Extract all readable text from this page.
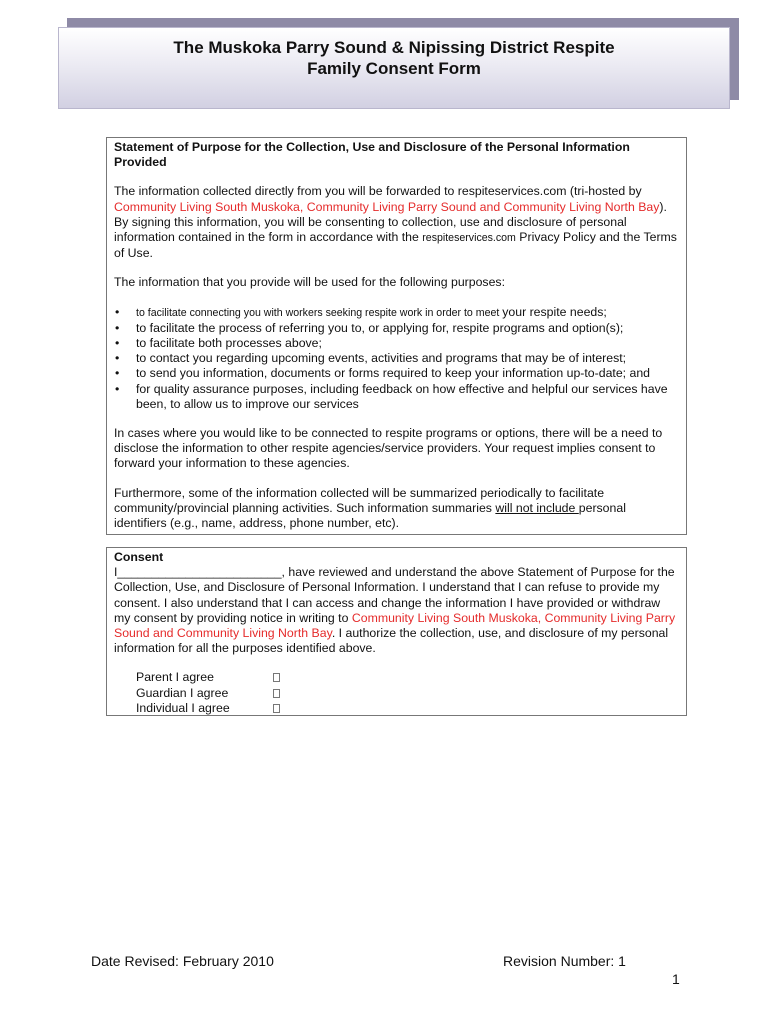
The Muskoka Parry Sound & Nipissing District Respite
Family Consent Form

Statement of Purpose for the Collection, Use and Disclosure of the Personal Information Provided

The information collected directly from you will be forwarded to respiteservices.com (tri-hosted by Community Living South Muskoka, Community Living Parry Sound and Community Living North Bay). By signing this information, you will be consenting to collection, use and disclosure of personal information contained in the form in accordance with the respiteservices.com Privacy Policy and the Terms of Use.

The information that you provide will be used for the following purposes:

• to facilitate connecting you with workers seeking respite work in order to meet your respite needs;
• to facilitate the process of referring you to, or applying for, respite programs and option(s);
• to facilitate both processes above;
• to contact you regarding upcoming events, activities and programs that may be of interest;
• to send you information, documents or forms required to keep your information up-to-date; and
• for quality assurance purposes, including feedback on how effective and helpful our services have been, to allow us to improve our services

In cases where you would like to be connected to respite programs or options, there will be a need to disclose the information to other respite agencies/service providers. Your request implies consent to forward your information to these agencies.

Furthermore, some of the information collected will be summarized periodically to facilitate community/provincial planning activities. Such information summaries will not include personal identifiers (e.g., name, address, phone number, etc).

Consent

I________________________, have reviewed and understand the above Statement of Purpose for the Collection, Use, and Disclosure of Personal Information. I understand that I can refuse to provide my consent. I also understand that I can access and change the information I have provided or withdraw my consent by providing notice in writing to Community Living South Muskoka, Community Living Parry Sound and Community Living North Bay. I authorize the collection, use, and disclosure of my personal information for all the purposes identified above.

Parent I agree
Guardian I agree
Individual I agree
Date Revised: February 2010	Revision Number: 1
1
